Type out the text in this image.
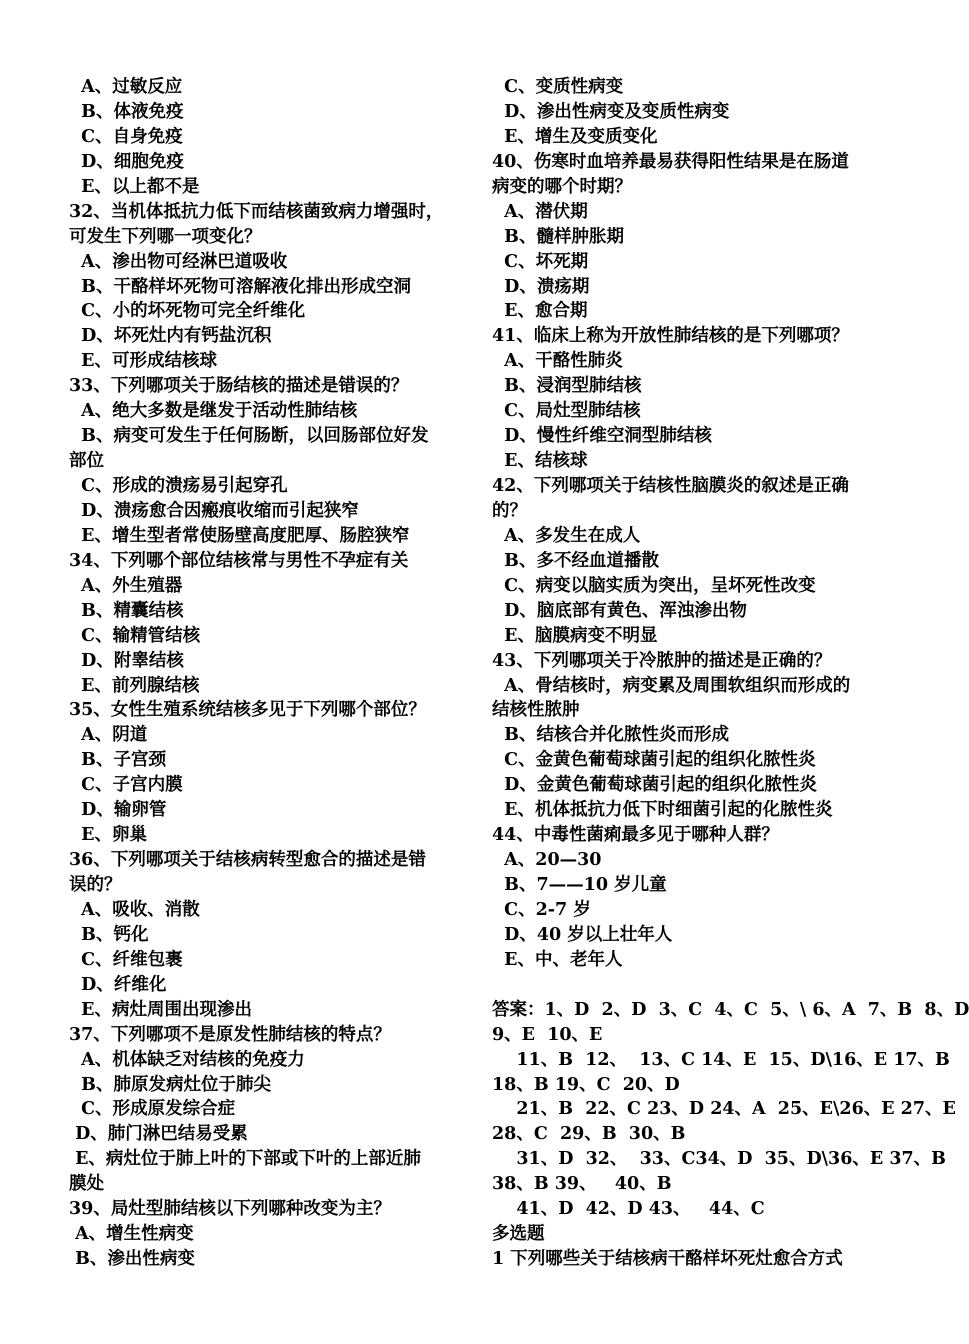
A、过敏反应
B、体液免疫
C、自身免疫
D、细胞免疫
E、以上都不是
32、当机体抵抗力低下而结核菌致病力增强时，
可发生下列哪一项变化？
A、渗出物可经淋巴道吸收
B、干酪样坏死物可溶解液化排出形成空洞
C、小的坏死物可完全纤维化
D、坏死灶内有钙盐沉积
E、可形成结核球
33、下列哪项关于肠结核的描述是错误的？
A、绝大多数是继发于活动性肺结核
B、病变可发生于任何肠断，以回肠部位好发
部位
C、形成的溃疡易引起穿孔
D、溃疡愈合因瘢痕收缩而引起狭窄
E、增生型者常使肠壁高度肥厚、肠腔狭窄
34、下列哪个部位结核常与男性不孕症有关
A、外生殖器
B、精囊结核
C、输精管结核
D、附睾结核
E、前列腺结核
35、女性生殖系统结核多见于下列哪个部位？
A、阴道
B、子宫颈
C、子宫内膜
D、输卵管
E、卵巢
36、下列哪项关于结核病转型愈合的描述是错
误的？
A、吸收、消散
B、钙化
C、纤维包裹
D、纤维化
E、病灶周围出现渗出
37、下列哪项不是原发性肺结核的特点？
A、机体缺乏对结核的免疫力
B、肺原发病灶位于肺尖
C、形成原发综合症
D、肺门淋巴结易受累
E、病灶位于肺上叶的下部或下叶的上部近肺
膜处
39、局灶型肺结核以下列哪种改变为主？
A、增生性病变
B、渗出性病变
C、变质性病变
D、渗出性病变及变质性病变
E、增生及变质变化
40、伤寒时血培养最易获得阳性结果是在肠道
病变的哪个时期？
A、潜伏期
B、髓样肿胀期
C、坏死期
D、溃疡期
E、愈合期
41、临床上称为开放性肺结核的是下列哪项？
A、干酪性肺炎
B、浸润型肺结核
C、局灶型肺结核
D、慢性纤维空洞型肺结核
E、结核球
42、下列哪项关于结核性脑膜炎的叙述是正确
的？
A、多发生在成人
B、多不经血道播散
C、病变以脑实质为突出，呈坏死性改变
D、脑底部有黄色、浑浊渗出物
E、脑膜病变不明显
43、下列哪项关于冷脓肿的描述是正确的？
A、骨结核时，病变累及周围软组织而形成的
结核性脓肿
B、结核合并化脓性炎而形成
C、金黄色葡萄球菌引起的组织化脓性炎
D、金黄色葡萄球菌引起的组织化脓性炎
E、机体抵抗力低下时细菌引起的化脓性炎
44、中毒性菌痢最多见于哪种人群？
A、20—30
B、7——10 岁儿童
C、2-7 岁
D、40 岁以上壮年人
E、中、老年人
答案：1、D  2、D  3、C  4、C  5、\ 6、A  7、B  8、D
9、E  10、E
11、B  12、  13、C 14、E  15、D\16、E 17、B
18、B 19、C  20、D
21、B  22、C 23、D 24、A  25、E\26、E 27、E
28、C  29、B  30、B
31、D  32、  33、C34、D  35、D\36、E 37、B
38、B 39、   40、B
41、D  42、D 43、   44、C
多选题
1 下列哪些关于结核病干酪样坏死灶愈合方式
